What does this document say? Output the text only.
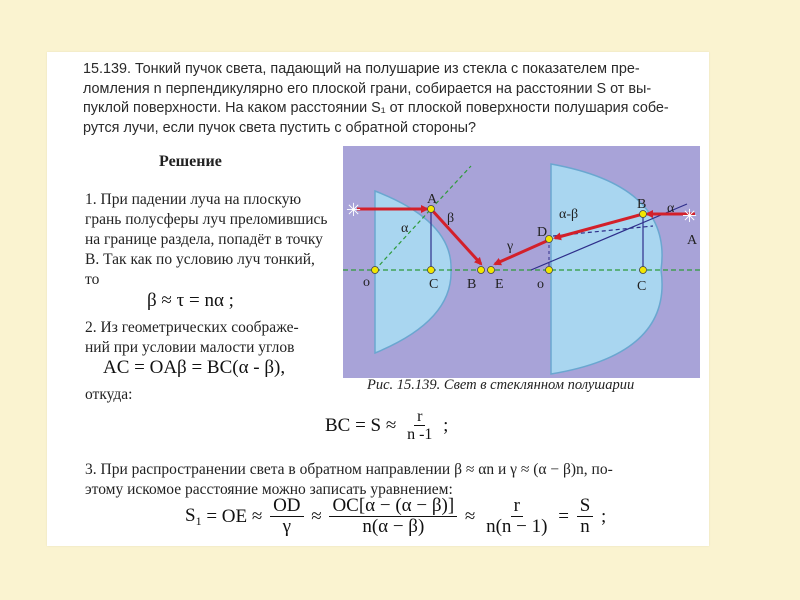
15.139. Тонкий пучок света, падающий на полушарие из стекла с показателем пре-

ломления n перпендикулярно его плоской грани, собирается на расстоянии S от вы-

пуклой поверхности. На каком расстоянии S₁ от плоской поверхности полушария собе-

рутся лучи, если пучок света пустить с обратной стороны?

Решение

1. При падении луча на плоскую

грань полусферы луч преломившись

на границе раздела, попадёт в точку

В. Так как по условию луч тонкий,

то

β ≈ τ = nα ;

2. Из геометрических соображе-

ний при условии малости углов

AC = OAβ = BC(α - β),
откуда:
✳	✳
A
o	C B E o
D
B
C
A
α
β
γ
α-β	α
Рис. 15.139. Свет в стеклянном полушарии
BC = $S \approx \frac{r}{n -1}$ ;

3. При распространении света в обратном направлении β ≈ αn и γ ≈ (α − β)n, по-

этому искомое расстояние можно записать уравнением:

$S_1$ = OE ≈ $\frac{OD}{\gamma} \approx \frac{OC[\alpha - (\alpha - \beta)]}{n(\alpha - \beta)} \approx \frac{r}{n(n - 1)} = \frac{S}{n}$ ;
